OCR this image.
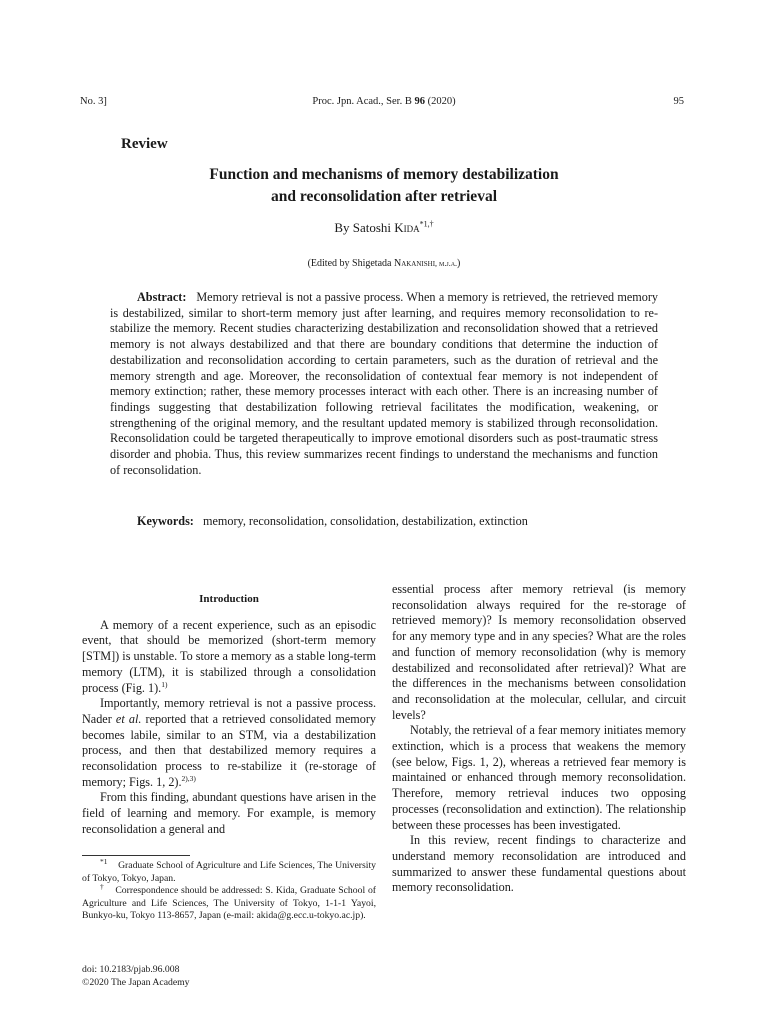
No. 3]	Proc. Jpn. Acad., Ser. B 96 (2020)	95
Review
Function and mechanisms of memory destabilization
and reconsolidation after retrieval
By Satoshi Kida$^{*1,\dagger}$
(Edited by Shigetada Nakanishi, m.j.a.)
Abstract: Memory retrieval is not a passive process. When a memory is retrieved, the retrieved memory is destabilized, similar to short-term memory just after learning, and requires memory reconsolidation to re-stabilize the memory. Recent studies characterizing destabilization and reconsolidation showed that a retrieved memory is not always destabilized and that there are boundary conditions that determine the induction of destabilization and reconsolidation according to certain parameters, such as the duration of retrieval and the memory strength and age. Moreover, the reconsolidation of contextual fear memory is not independent of memory extinction; rather, these memory processes interact with each other. There is an increasing number of findings suggesting that destabilization following retrieval facilitates the modification, weakening, or strengthening of the original memory, and the resultant updated memory is stabilized through reconsolidation. Reconsolidation could be targeted therapeutically to improve emotional disorders such as post-traumatic stress disorder and phobia. Thus, this review summarizes recent findings to understand the mechanisms and function of reconsolidation.
Keywords: memory, reconsolidation, consolidation, destabilization, extinction
Introduction

A memory of a recent experience, such as an episodic event, that should be memorized (short-term memory [STM]) is unstable. To store a memory as a stable long-term memory (LTM), it is stabilized through a consolidation process (Fig. 1).$^{1)}$

Importantly, memory retrieval is not a passive process. Nader et al. reported that a retrieved consolidated memory becomes labile, similar to an STM, via a destabilization process, and then that destabilized memory requires a reconsolidation process to re-stabilize it (re-storage of memory; Figs. 1, 2).$^{2),3)}$

From this finding, abundant questions have arisen in the field of learning and memory. For example, is memory reconsolidation a general and

essential process after memory retrieval (is memory reconsolidation always required for the re-storage of retrieved memory)? Is memory reconsolidation observed for any memory type and in any species? What are the roles and function of memory reconsolidation (why is memory destabilized and reconsolidated after retrieval)? What are the differences in the mechanisms between consolidation and reconsolidation at the molecular, cellular, and circuit levels?

Notably, the retrieval of a fear memory initiates memory extinction, which is a process that weakens the memory (see below, Figs. 1, 2), whereas a retrieved fear memory is maintained or enhanced through memory reconsolidation. Therefore, memory retrieval induces two opposing processes (reconsolidation and extinction). The relationship between these processes has been investigated.

In this review, recent findings to characterize and understand memory reconsolidation are introduced and summarized to answer these fundamental questions about memory reconsolidation.

$^{*1}$ Graduate School of Agriculture and Life Sciences, The University of Tokyo, Tokyo, Japan.

† Correspondence should be addressed: S. Kida, Graduate School of Agriculture and Life Sciences, The University of Tokyo, 1-1-1 Yayoi, Bunkyo-ku, Tokyo 113-8657, Japan (e-mail: akida@g.ecc.u-tokyo.ac.jp).

doi: 10.2183/pjab.96.008
©2020 The Japan Academy
